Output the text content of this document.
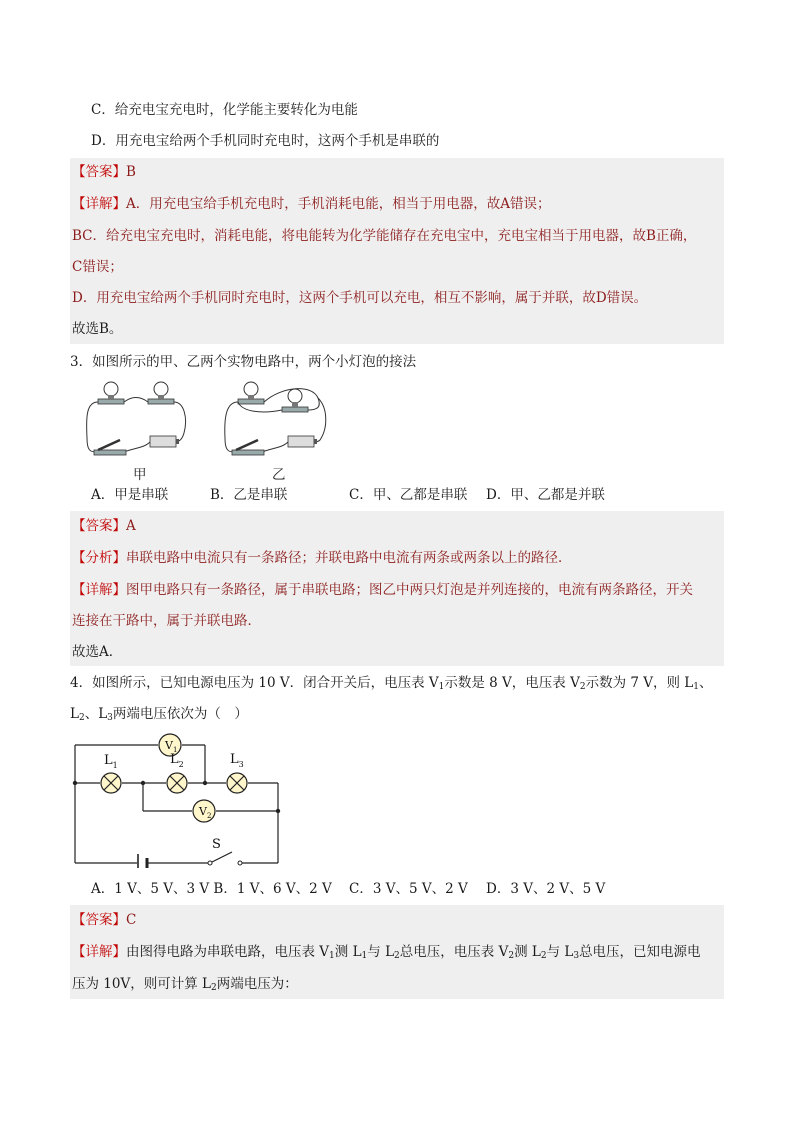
C．给充电宝充电时，化学能主要转化为电能
D．用充电宝给两个手机同时充电时，这两个手机是串联的
【答案】B
【详解】A．用充电宝给手机充电时，手机消耗电能，相当于用电器，故A错误；
BC．给充电宝充电时，消耗电能，将电能转为化学能储存在充电宝中，充电宝相当于用电器，故B正确，
C错误；
D．用充电宝给两个手机同时充电时，这两个手机可以充电，相互不影响，属于并联，故D错误。
故选B。
3．如图所示的甲、乙两个实物电路中，两个小灯泡的接法
甲	乙
A．甲是串联	B．乙是串联	C．甲、乙都是串联 D．甲、乙都是并联
【答案】A
【分析】串联电路中电流只有一条路径；并联电路中电流有两条或两条以上的路径．
【详解】图甲电路只有一条路径，属于串联电路；图乙中两只灯泡是并列连接的，电流有两条路径，开关
连接在干路中，属于并联电路．
故选A．
4．如图所示，已知电源电压为 10 V．闭合开关后，电压表 $V_1$示数是 8 V，电压表 $V_2$示数为 7 V，则 $L_1$、
$L_2$、$L_3$两端电压依次为（　）
$V_1$
$V_2$
$L_1$	$L_2$	$L_3$
S
A．1 V、5 V、3 V B．1 V、6 V、2 V C．3 V、5 V、2 V D．3 V、2 V、5 V
【答案】C
【详解】由图得电路为串联电路，电压表 $V_1$测 $L_1$与 $L_2$总电压，电压表 $V_2$测 $L_2$与 $L_3$总电压，已知电源电
压为 10V，则可计算 $L_2$两端电压为：
